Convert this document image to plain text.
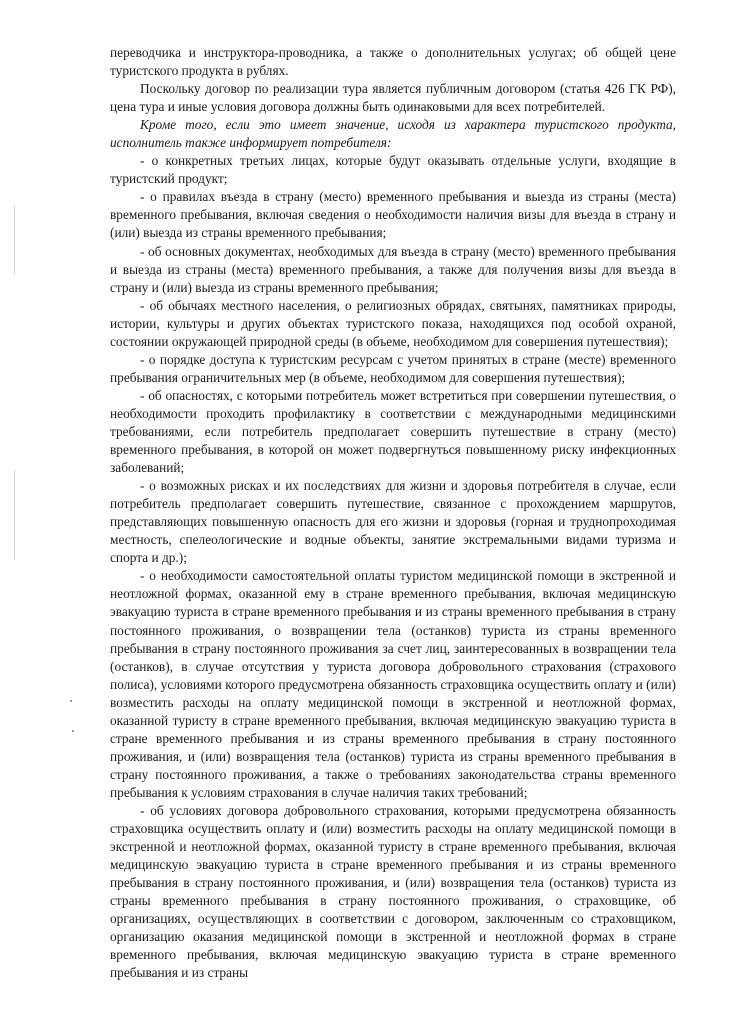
переводчика и инструктора-проводника, а также о дополнительных услугах; об общей цене туристского продукта в рублях.

Поскольку договор по реализации тура является публичным договором (статья 426 ГК РФ), цена тура и иные условия договора должны быть одинаковыми для всех потребителей.

Кроме того, если это имеет значение, исходя из характера туристского продукта, исполнитель также информирует потребителя:

- о конкретных третьих лицах, которые будут оказывать отдельные услуги, входящие в туристский продукт;

- о правилах въезда в страну (место) временного пребывания и выезда из страны (места) временного пребывания, включая сведения о необходимости наличия визы для въезда в страну и (или) выезда из страны временного пребывания;

- об основных документах, необходимых для въезда в страну (место) временного пребывания и выезда из страны (места) временного пребывания, а также для получения визы для въезда в страну и (или) выезда из страны временного пребывания;

- об обычаях местного населения, о религиозных обрядах, святынях, памятниках природы, истории, культуры и других объектах туристского показа, находящихся под особой охраной, состоянии окружающей природной среды (в объеме, необходимом для совершения путешествия);

- о порядке доступа к туристским ресурсам с учетом принятых в стране (месте) временного пребывания ограничительных мер (в объеме, необходимом для совершения путешествия);

- об опасностях, с которыми потребитель может встретиться при совершении путешествия, о необходимости проходить профилактику в соответствии с международными медицинскими требованиями, если потребитель предполагает совершить путешествие в страну (место) временного пребывания, в которой он может подвергнуться повышенному риску инфекционных заболеваний;

- о возможных рисках и их последствиях для жизни и здоровья потребителя в случае, если потребитель предполагает совершить путешествие, связанное с прохождением маршрутов, представляющих повышенную опасность для его жизни и здоровья (горная и труднопроходимая местность, спелеологические и водные объекты, занятие экстремальными видами туризма и спорта и др.);

- о необходимости самостоятельной оплаты туристом медицинской помощи в экстренной и неотложной формах, оказанной ему в стране временного пребывания, включая медицинскую эвакуацию туриста в стране временного пребывания и из страны временного пребывания в страну постоянного проживания, о возвращении тела (останков) туриста из страны временного пребывания в страну постоянного проживания за счет лиц, заинтересованных в возвращении тела (останков), в случае отсутствия у туриста договора добровольного страхования (страхового полиса), условиями которого предусмотрена обязанность страховщика осуществить оплату и (или) возместить расходы на оплату медицинской помощи в экстренной и неотложной формах, оказанной туристу в стране временного пребывания, включая медицинскую эвакуацию туриста в стране временного пребывания и из страны временного пребывания в страну постоянного проживания, и (или) возвращения тела (останков) туриста из страны временного пребывания в страну постоянного проживания, а также о требованиях законодательства страны временного пребывания к условиям страхования в случае наличия таких требований;

- об условиях договора добровольного страхования, которыми предусмотрена обязанность страховщика осуществить оплату и (или) возместить расходы на оплату медицинской помощи в экстренной и неотложной формах, оказанной туристу в стране временного пребывания, включая медицинскую эвакуацию туриста в стране временного пребывания и из страны временного пребывания в страну постоянного проживания, и (или) возвращения тела (останков) туриста из страны временного пребывания в страну постоянного проживания, о страховщике, об организациях, осуществляющих в соответствии с договором, заключенным со страховщиком, организацию оказания медицинской помощи в экстренной и неотложной формах в стране временного пребывания, включая медицинскую эвакуацию туриста в стране временного пребывания и из страны
